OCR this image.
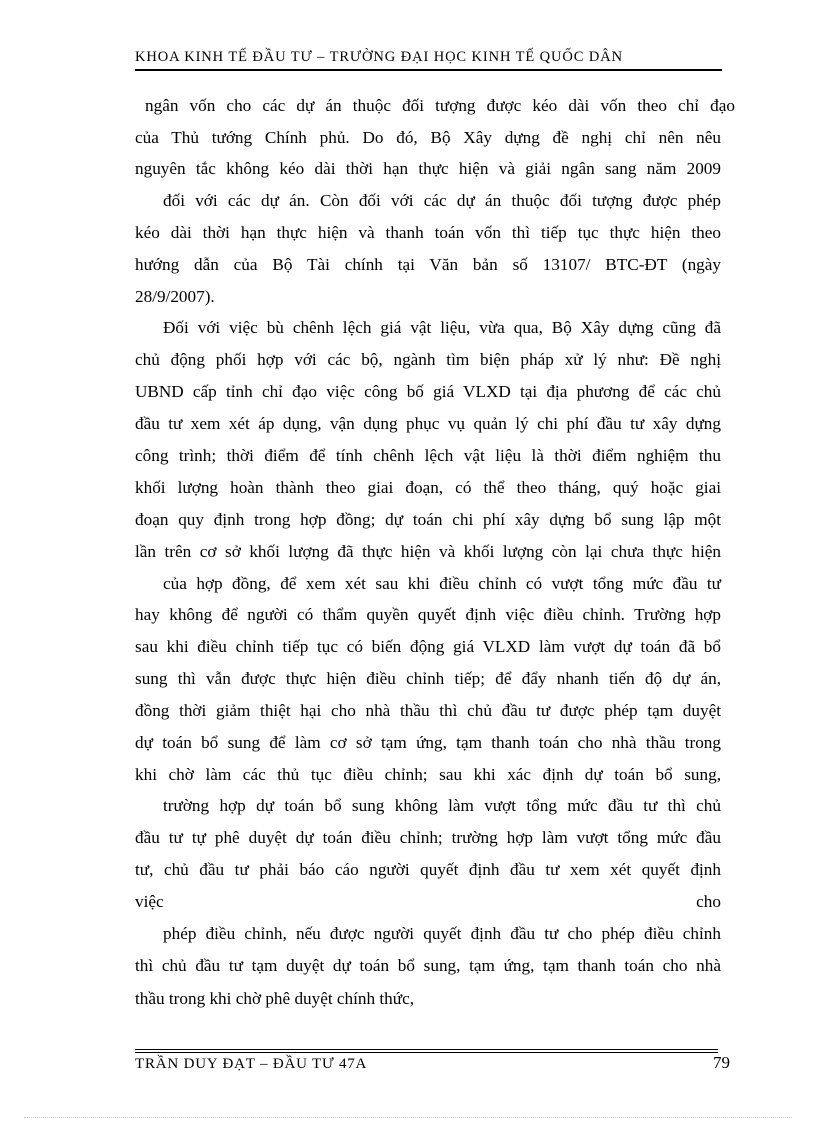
KHOA KINH TẾ ĐẦU TƯ – TRƯỜNG ĐẠI HỌC KINH TẾ QUỐC DÂN
ngân vốn cho các dự án thuộc đối tượng được kéo dài vốn theo chỉ đạo
của Thủ tướng Chính phủ. Do đó, Bộ Xây dựng đề nghị chỉ nên nêu
nguyên tắc không kéo dài thời hạn thực hiện và giải ngân sang năm 2009
đối với các dự án. Còn đối với các dự án thuộc đối tượng được phép
kéo dài thời hạn thực hiện và thanh toán vốn thì tiếp tục thực hiện theo
hướng dẫn của Bộ Tài chính tại Văn bản số 13107/ BTC-ĐT (ngày
28/9/2007).
Đối với việc bù chênh lệch giá vật liệu, vừa qua, Bộ Xây dựng cũng đã
chủ động phối hợp với các bộ, ngành tìm biện pháp xử lý như: Đề nghị
UBND cấp tỉnh chỉ đạo việc công bố giá VLXD tại địa phương để các chủ
đầu tư xem xét áp dụng, vận dụng phục vụ quản lý chi phí đầu tư xây dựng
công trình; thời điểm để tính chênh lệch vật liệu là thời điểm nghiệm thu
khối lượng hoàn thành theo giai đoạn, có thể theo tháng, quý hoặc giai
đoạn quy định trong hợp đồng; dự toán chi phí xây dựng bổ sung lập một
lần trên cơ sở khối lượng đã thực hiện và khối lượng còn lại chưa thực hiện
của hợp đồng, để xem xét sau khi điều chỉnh có vượt tổng mức đầu tư
hay không để người có thẩm quyền quyết định việc điều chỉnh. Trường hợp
sau khi điều chỉnh tiếp tục có biến động giá VLXD làm vượt dự toán đã bổ
sung thì vẫn được thực hiện điều chỉnh tiếp; để đẩy nhanh tiến độ dự án,
đồng thời giảm thiệt hại cho nhà thầu thì chủ đầu tư được phép tạm duyệt
dự toán bổ sung để làm cơ sở tạm ứng, tạm thanh toán cho nhà thầu trong
khi chờ làm các thủ tục điều chỉnh; sau khi xác định dự toán bổ sung,
trường hợp dự toán bổ sung không làm vượt tổng mức đầu tư thì chủ
đầu tư tự phê duyệt dự toán điều chỉnh; trường hợp làm vượt tổng mức đầu
tư, chủ đầu tư phải báo cáo người quyết định đầu tư xem xét quyết định
việc cho
phép điều chỉnh, nếu được người quyết định đầu tư cho phép điều chỉnh
thì chủ đầu tư tạm duyệt dự toán bổ sung, tạm ứng, tạm thanh toán cho nhà
thầu trong khi chờ phê duyệt chính thức,
TRẦN DUY ĐẠT – ĐẦU TƯ 47A	79
